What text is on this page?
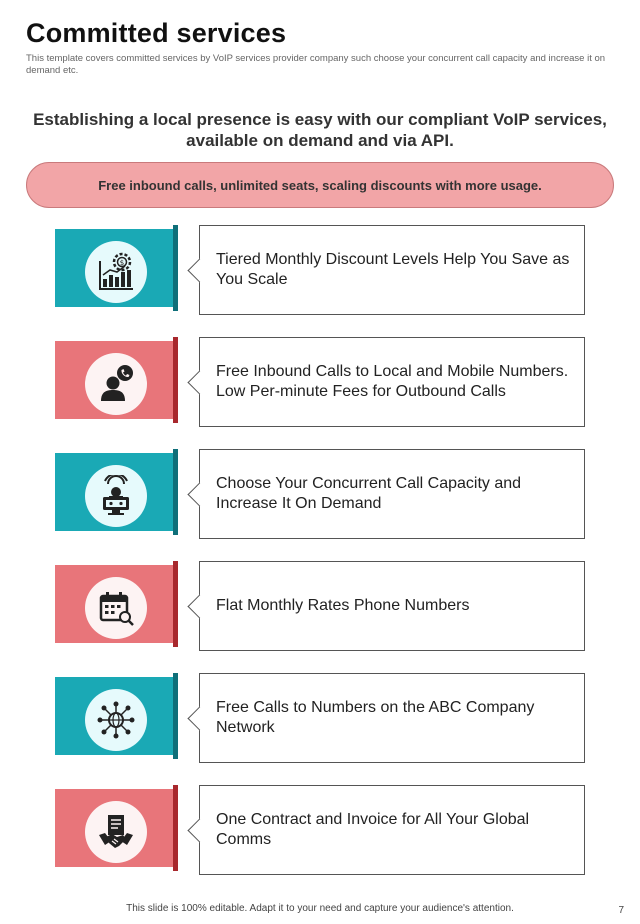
Committed services
This template covers committed services by VoIP services provider company such choose your concurrent call capacity and increase it on demand etc.
Establishing a local presence is easy with our compliant VoIP services, available on demand and via API.
Free inbound calls, unlimited seats, scaling discounts with more usage.
$	Tiered Monthly Discount Levels Help You Save as You Scale
Free Inbound Calls to Local and Mobile Numbers. Low Per-minute Fees for Outbound Calls
Choose Your Concurrent Call Capacity and Increase It On Demand
Flat Monthly Rates Phone Numbers
Free Calls to Numbers on the ABC Company Network
One Contract and Invoice for All Your Global Comms
This slide is 100% editable. Adapt it to your need and capture your audience's attention.	7
